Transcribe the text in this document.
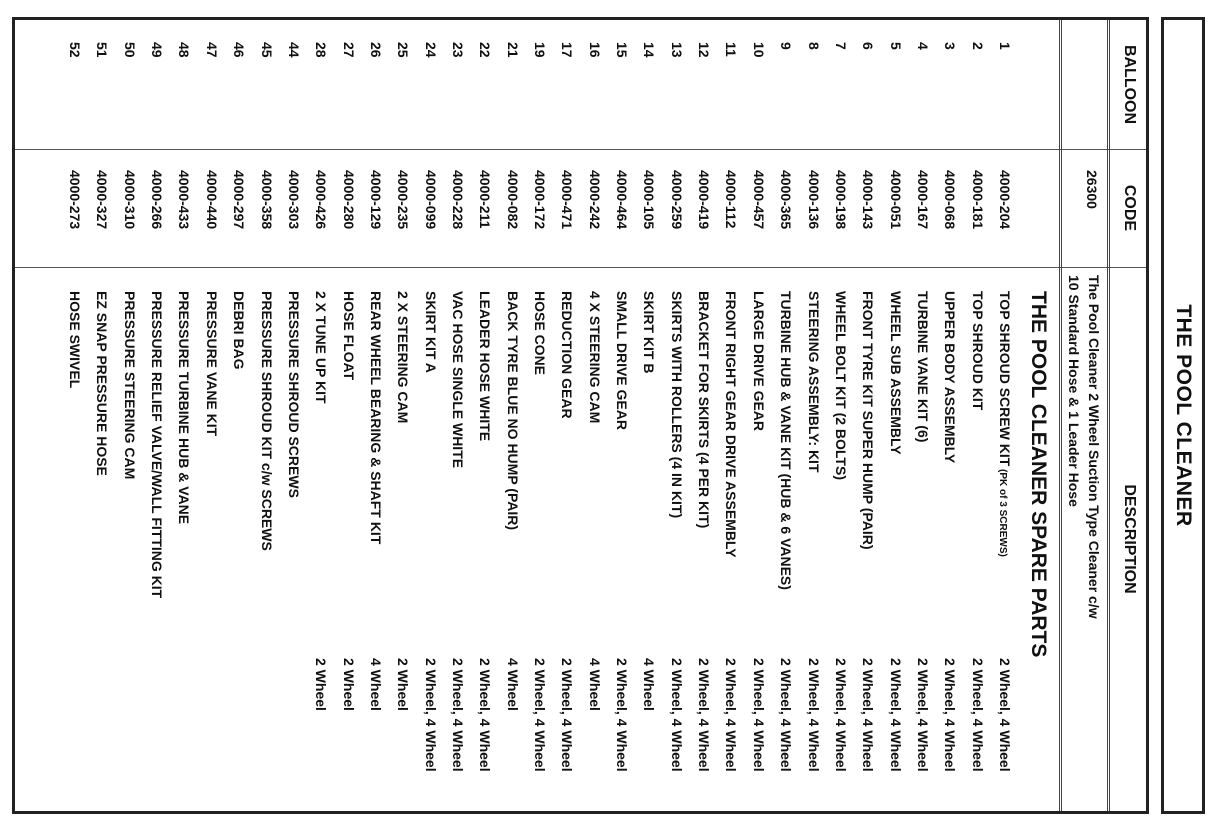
THE POOL CLEANER
BALLOON
CODE
DESCRIPTION
26300
The Pool Cleaner 2 Wheel Suction Type Cleaner c/w
10 Standard Hose & 1 Leader Hose
THE POOL CLEANER SPARE PARTS
1
4000-204
TOP SHROUD SCREW KIT (PK of 3 SCREWS)
2 Wheel, 4 Wheel
2
4000-181
TOP SHROUD KIT
2 Wheel, 4 Wheel
3
4000-068
UPPER BODY ASSEMBLY
2 Wheel, 4 Wheel
4
4000-167
TURBINE VANE KIT (6)
2 Wheel, 4 Wheel
5
4000-051
WHEEL SUB ASSEMBLY
2 Wheel, 4 Wheel
6
4000-143
FRONT TYRE KIT SUPER HUMP (PAIR)
2 Wheel, 4 Wheel
7
4000-198
WHEEL BOLT KIT (2 BOLTS)
2 Wheel, 4 Wheel
8
4000-136
STEERING ASSEMBLY: KIT
2 Wheel, 4 Wheel
9
4000-365
TURBINE HUB & VANE KIT (HUB & 6 VANES)
2 Wheel, 4 Wheel
10
4000-457
LARGE DRIVE GEAR
2 Wheel, 4 Wheel
11
4000-112
FRONT RIGHT GEAR DRIVE ASSEMBLY
2 Wheel, 4 Wheel
12
4000-419
BRACKET FOR SKIRTS (4 PER KIT)
2 Wheel, 4 Wheel
13
4000-259
SKIRTS WITH ROLLERS (4 IN KIT)
2 Wheel, 4 Wheel
14
4000-105
SKIRT KIT B
4 Wheel
15
4000-464
SMALL DRIVE GEAR
2 Wheel, 4 Wheel
16
4000-242
4 X STEERING CAM
4 Wheel
17
4000-471
REDUCTION GEAR
2 Wheel, 4 Wheel
19
4000-172
HOSE CONE
2 Wheel, 4 Wheel
21
4000-082
BACK TYRE BLUE NO HUMP (PAIR)
4 Wheel
22
4000-211
LEADER HOSE WHITE
2 Wheel, 4 Wheel
23
4000-228
VAC HOSE SINGLE WHITE
2 Wheel, 4 Wheel
24
4000-099
SKIRT KIT A
2 Wheel, 4 Wheel
25
4000-235
2 X STEERING CAM
2 Wheel
26
4000-129
REAR WHEEL BEARING & SHAFT KIT
4 Wheel
27
4000-280
HOSE FLOAT
2 Wheel
28
4000-426
2 X TUNE UP KIT
2 Wheel
44
4000-303
PRESSURE SHROUD SCREWS
45
4000-358
PRESSURE SHROUD KIT c/w SCREWS
46
4000-297
DEBRI BAG
47
4000-440
PRESSURE VANE KIT
48
4000-433
PRESSURE TURBINE HUB & VANE
49
4000-266
PRESSURE RELIEF VALVE/WALL FITTING KIT
50
4000-310
PRESSURE STEERING CAM
51
4000-327
EZ SNAP PRESSURE HOSE
52
4000-273
HOSE SWIVEL
